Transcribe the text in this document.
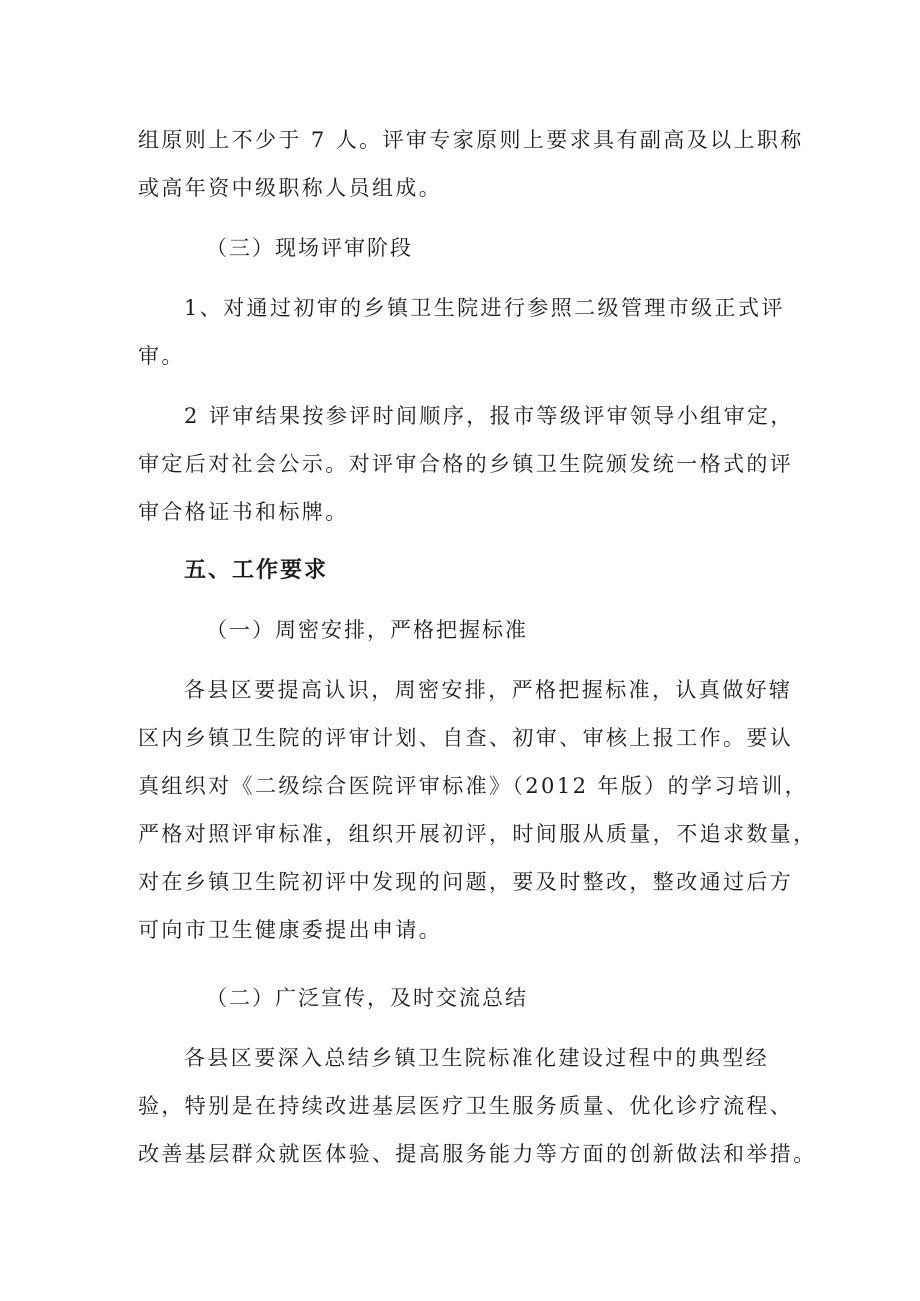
组原则上不少于 7 人。评审专家原则上要求具有副高及以上职称
或高年资中级职称人员组成。
（三）现场评审阶段
1、对通过初审的乡镇卫生院进行参照二级管理市级正式评
审。
2 评审结果按参评时间顺序，报市等级评审领导小组审定，
审定后对社会公示。对评审合格的乡镇卫生院颁发统一格式的评
审合格证书和标牌。
五、工作要求
（一）周密安排，严格把握标准
各县区要提高认识，周密安排，严格把握标准，认真做好辖
区内乡镇卫生院的评审计划、自查、初审、审核上报工作。要认
真组织对《二级综合医院评审标准》（2012 年版）的学习培训，
严格对照评审标准，组织开展初评，时间服从质量，不追求数量，
对在乡镇卫生院初评中发现的问题，要及时整改，整改通过后方
可向市卫生健康委提出申请。
（二）广泛宣传，及时交流总结
各县区要深入总结乡镇卫生院标准化建设过程中的典型经
验，特别是在持续改进基层医疗卫生服务质量、优化诊疗流程、
改善基层群众就医体验、提高服务能力等方面的创新做法和举措。
